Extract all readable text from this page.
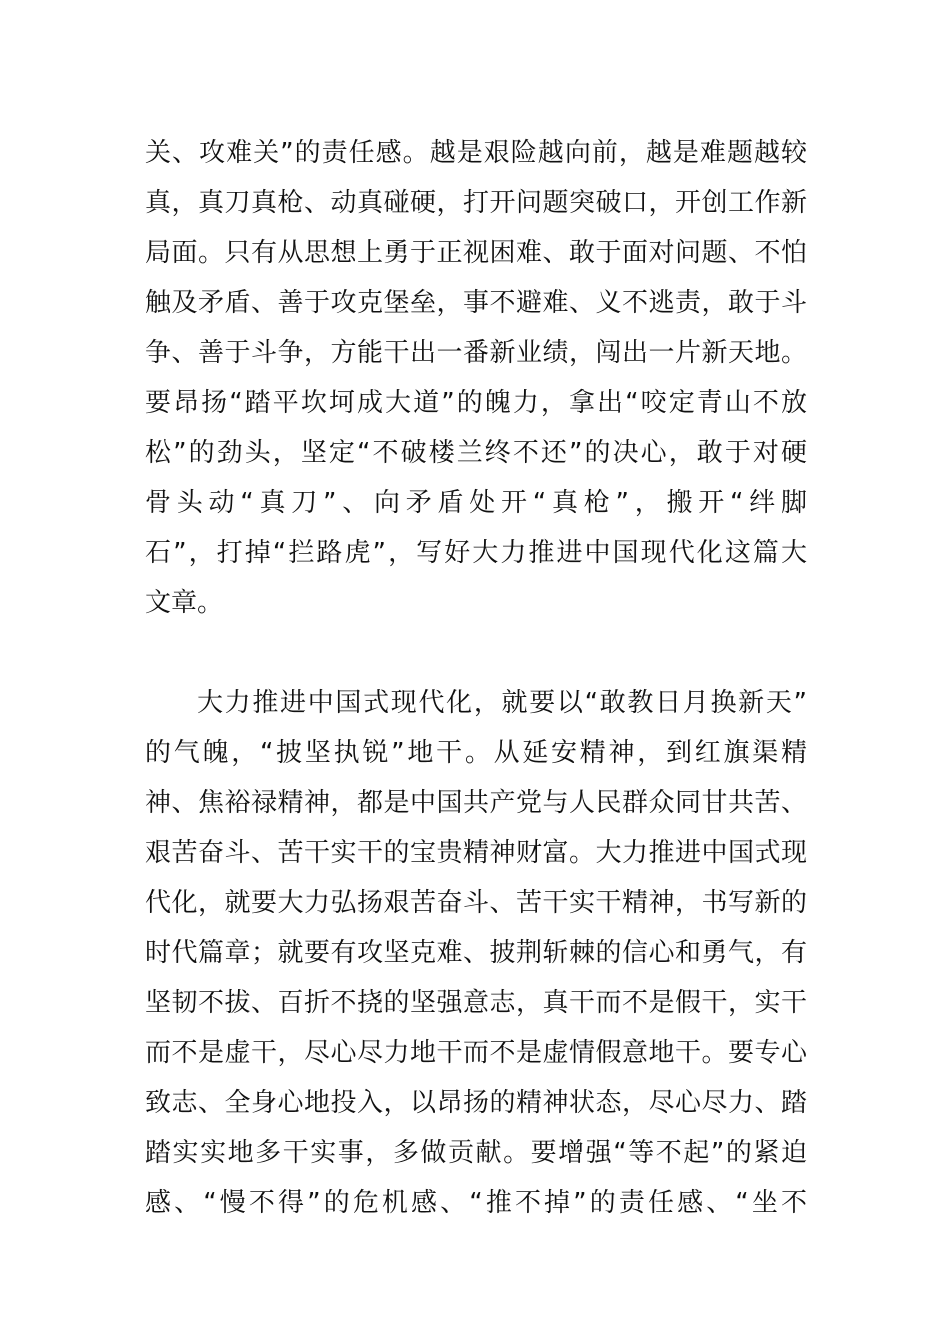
关、攻难关”的责任感。越是艰险越向前，越是难题越较
真，真刀真枪、动真碰硬，打开问题突破口，开创工作新
局面。只有从思想上勇于正视困难、敢于面对问题、不怕
触及矛盾、善于攻克堡垒，事不避难、义不逃责，敢于斗
争、善于斗争，方能干出一番新业绩，闯出一片新天地。
要昂扬“踏平坎坷成大道”的魄力，拿出“咬定青山不放
松”的劲头，坚定“不破楼兰终不还”的决心，敢于对硬
骨头动“真刀”、向矛盾处开“真枪”，搬开“绊脚
石”，打掉“拦路虎”，写好大力推进中国现代化这篇大
文章。
大力推进中国式现代化，就要以“敢教日月换新天”
的气魄，“披坚执锐”地干。从延安精神，到红旗渠精
神、焦裕禄精神，都是中国共产党与人民群众同甘共苦、
艰苦奋斗、苦干实干的宝贵精神财富。大力推进中国式现
代化，就要大力弘扬艰苦奋斗、苦干实干精神，书写新的
时代篇章；就要有攻坚克难、披荆斩棘的信心和勇气，有
坚韧不拔、百折不挠的坚强意志，真干而不是假干，实干
而不是虚干，尽心尽力地干而不是虚情假意地干。要专心
致志、全身心地投入，以昂扬的精神状态，尽心尽力、踏
踏实实地多干实事，多做贡献。要增强“等不起”的紧迫
感、“慢不得”的危机感、“推不掉”的责任感、“坐不
